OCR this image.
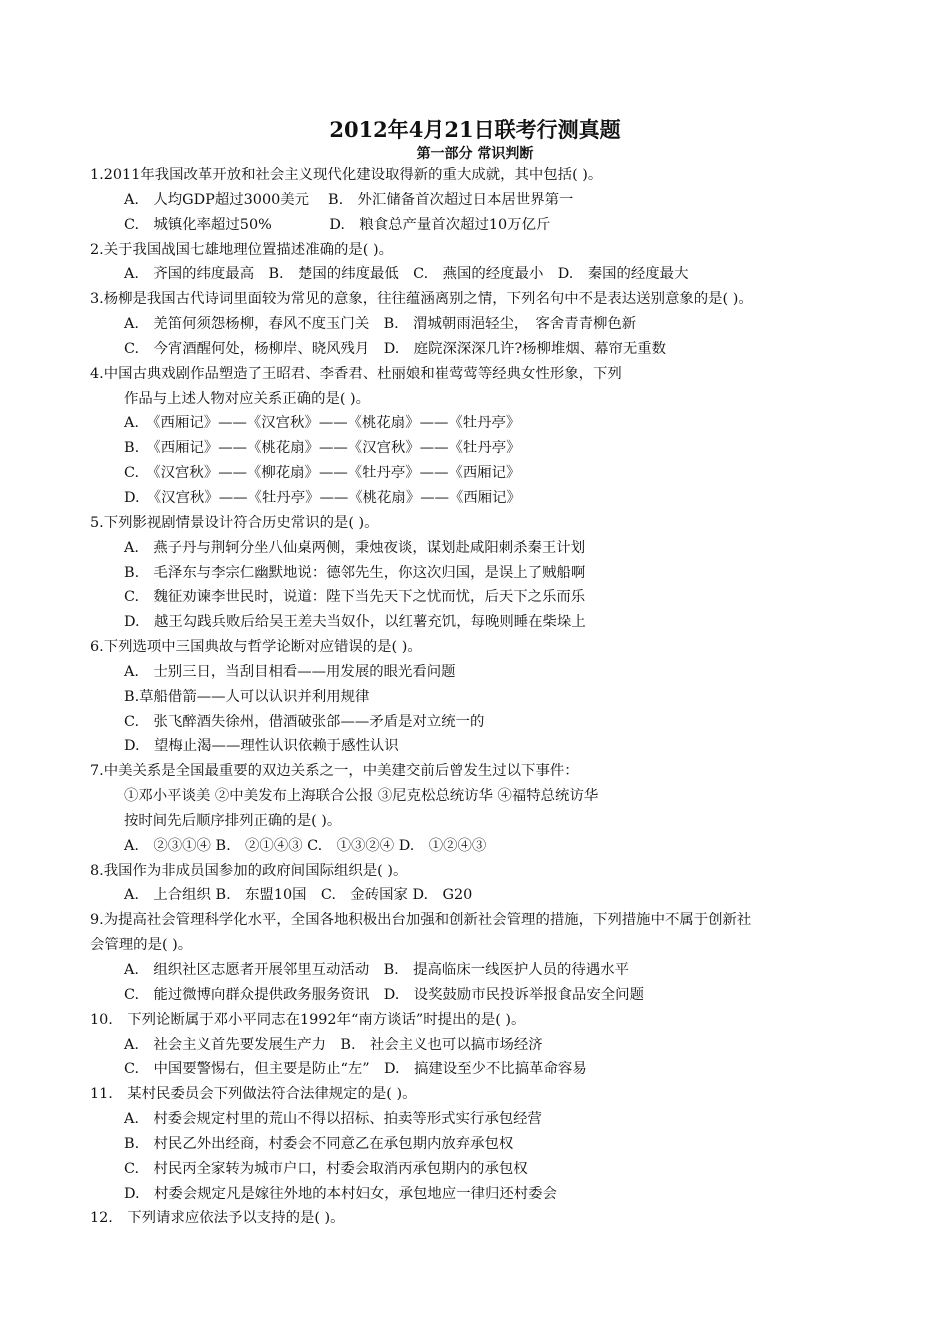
2012年4月21日联考行测真题
第一部分 常识判断
1.2011年我国改革开放和社会主义现代化建设取得新的重大成就，其中包括( )。
A.　人均GDP超过3000美元　 B.　外汇储备首次超过日本居世界第一
C.　城镇化率超过50%　　　　D.　粮食总产量首次超过10万亿斤
2.关于我国战国七雄地理位置描述准确的是( )。
A.　齐国的纬度最高　B.　楚国的纬度最低　C.　燕国的经度最小　D.　秦国的经度最大
3.杨柳是我国古代诗词里面较为常见的意象，往往蕴涵离别之情，下列名句中不是表达送别意象的是( )。
A.　羌笛何须怨杨柳，春风不度玉门关　B.　渭城朝雨浥轻尘，　客舍青青柳色新
C.　今宵酒醒何处，杨柳岸、晓风残月　D.　庭院深深深几许?杨柳堆烟、幕帘无重数
4.中国古典戏剧作品塑造了王昭君、李香君、杜丽娘和崔莺莺等经典女性形象，下列
作品与上述人物对应关系正确的是( )。
A.　《西厢记》——《汉宫秋》——《桃花扇》——《牡丹亭》
B.　《西厢记》——《桃花扇》——《汉宫秋》——《牡丹亭》
C.　《汉宫秋》——《柳花扇》——《牡丹亭》——《西厢记》
D.　《汉宫秋》——《牡丹亭》——《桃花扇》——《西厢记》
5.下列影视剧情景设计符合历史常识的是( )。
A.　燕子丹与荆轲分坐八仙桌两侧，秉烛夜谈，谋划赴咸阳刺杀秦王计划
B.　毛泽东与李宗仁幽默地说：德邻先生，你这次归国，是误上了贼船啊
C.　魏征劝谏李世民时，说道：陛下当先天下之忧而忧，后天下之乐而乐
D.　越王勾践兵败后给吴王差夫当奴仆，以红薯充饥，每晚则睡在柴垛上
6.下列选项中三国典故与哲学论断对应错误的是( )。
A.　士别三日，当刮目相看——用发展的眼光看问题
B.草船借箭——人可以认识并利用规律
C.　张飞醉酒失徐州，借酒破张郃——矛盾是对立统一的
D.　望梅止渴——理性认识依赖于感性认识
7.中美关系是全国最重要的双边关系之一，中美建交前后曾发生过以下事件：
①邓小平谈美 ②中美发布上海联合公报 ③尼克松总统访华 ④福特总统访华
按时间先后顺序排列正确的是( )。
A.　②③①④ B.　②①④③ C.　①③②④ D.　①②④③
8.我国作为非成员国参加的政府间国际组织是( )。
A.　上合组织 B.　东盟10国　C.　金砖国家 D.　G20
9.为提高社会管理科学化水平，全国各地积极出台加强和创新社会管理的措施，下列措施中不属于创新社
会管理的是( )。
A.　组织社区志愿者开展邻里互动活动　B.　提高临床一线医护人员的待遇水平
C.　能过微博向群众提供政务服务资讯　D.　设奖鼓励市民投诉举报食品安全问题
10.　下列论断属于邓小平同志在1992年“南方谈话”时提出的是( )。
A.　社会主义首先要发展生产力　B.　社会主义也可以搞市场经济
C.　中国要警惕右，但主要是防止“左”　D.　搞建设至少不比搞革命容易
11.　某村民委员会下列做法符合法律规定的是( )。
A.　村委会规定村里的荒山不得以招标、拍卖等形式实行承包经营
B.　村民乙外出经商，村委会不同意乙在承包期内放弃承包权
C.　村民丙全家转为城市户口，村委会取消丙承包期内的承包权
D.　村委会规定凡是嫁往外地的本村妇女，承包地应一律归还村委会
12.　下列请求应依法予以支持的是( )。
